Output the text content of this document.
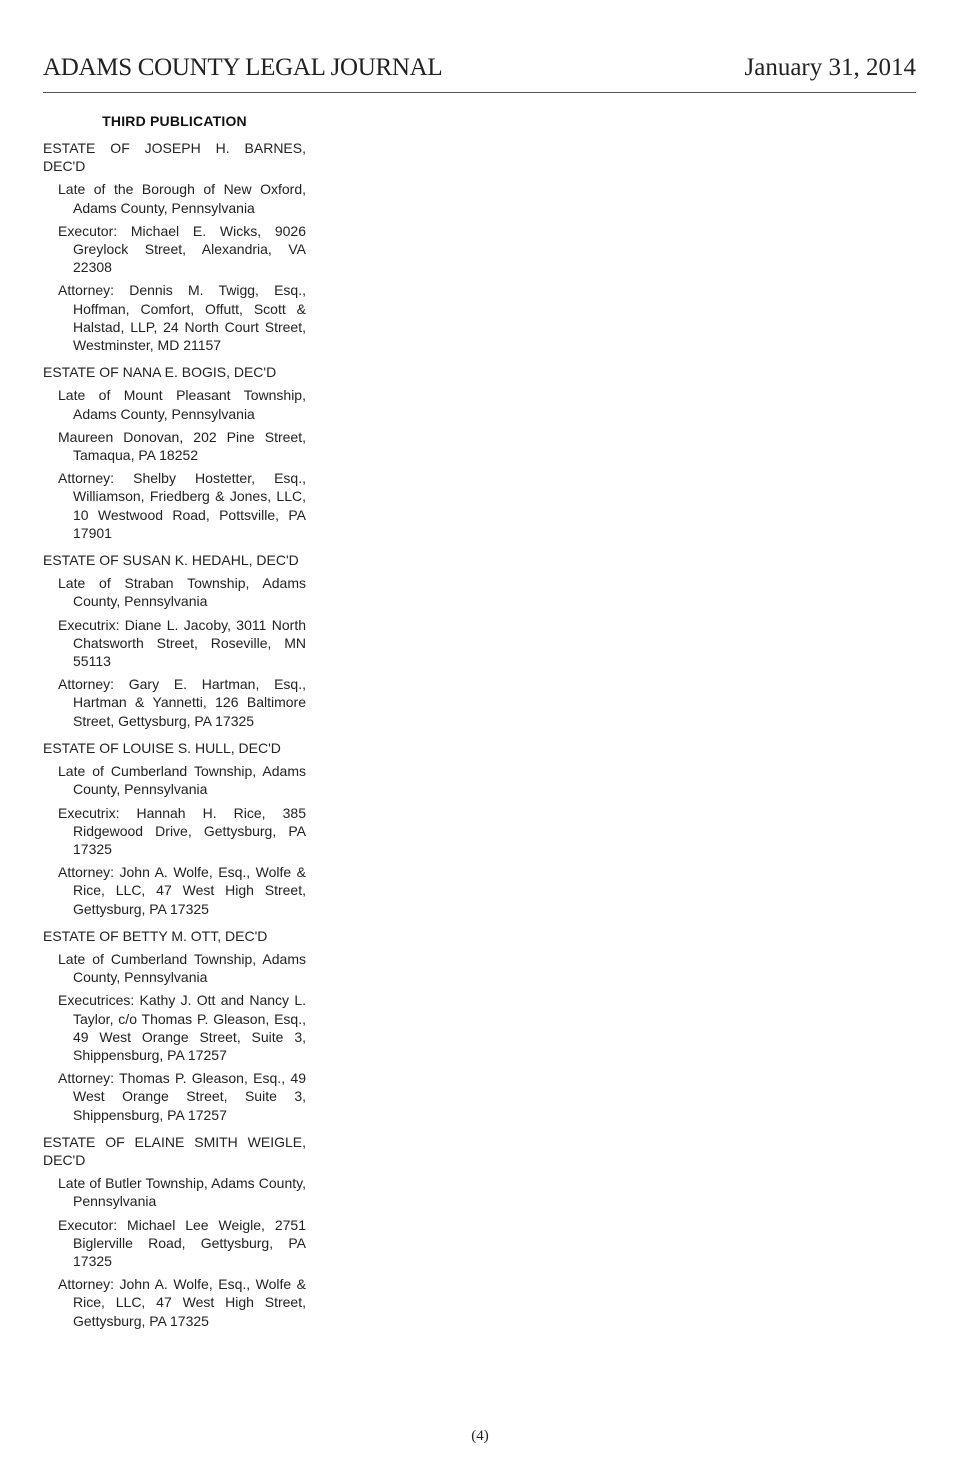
ADAMS COUNTY LEGAL JOURNAL	January 31, 2014
THIRD PUBLICATION

ESTATE OF JOSEPH H. BARNES, DEC'D

Late of the Borough of New Oxford, Adams County, Pennsylvania

Executor: Michael E. Wicks, 9026 Greylock Street, Alexandria, VA 22308

Attorney: Dennis M. Twigg, Esq., Hoffman, Comfort, Offutt, Scott & Halstad, LLP, 24 North Court Street, Westminster, MD 21157

ESTATE OF NANA E. BOGIS, DEC'D

Late of Mount Pleasant Township, Adams County, Pennsylvania

Maureen Donovan, 202 Pine Street, Tamaqua, PA 18252

Attorney: Shelby Hostetter, Esq., Williamson, Friedberg & Jones, LLC, 10 Westwood Road, Pottsville, PA 17901

ESTATE OF SUSAN K. HEDAHL, DEC'D

Late of Straban Township, Adams County, Pennsylvania

Executrix: Diane L. Jacoby, 3011 North Chatsworth Street, Roseville, MN 55113

Attorney: Gary E. Hartman, Esq., Hartman & Yannetti, 126 Baltimore Street, Gettysburg, PA 17325

ESTATE OF LOUISE S. HULL, DEC'D

Late of Cumberland Township, Adams County, Pennsylvania

Executrix: Hannah H. Rice, 385 Ridgewood Drive, Gettysburg, PA 17325

Attorney: John A. Wolfe, Esq., Wolfe & Rice, LLC, 47 West High Street, Gettysburg, PA 17325

ESTATE OF BETTY M. OTT, DEC'D

Late of Cumberland Township, Adams County, Pennsylvania

Executrices: Kathy J. Ott and Nancy L. Taylor, c/o Thomas P. Gleason, Esq., 49 West Orange Street, Suite 3, Shippensburg, PA 17257

Attorney: Thomas P. Gleason, Esq., 49 West Orange Street, Suite 3, Shippensburg, PA 17257

ESTATE OF ELAINE SMITH WEIGLE, DEC'D

Late of Butler Township, Adams County, Pennsylvania

Executor: Michael Lee Weigle, 2751 Biglerville Road, Gettysburg, PA 17325

Attorney: John A. Wolfe, Esq., Wolfe & Rice, LLC, 47 West High Street, Gettysburg, PA 17325

(4)
